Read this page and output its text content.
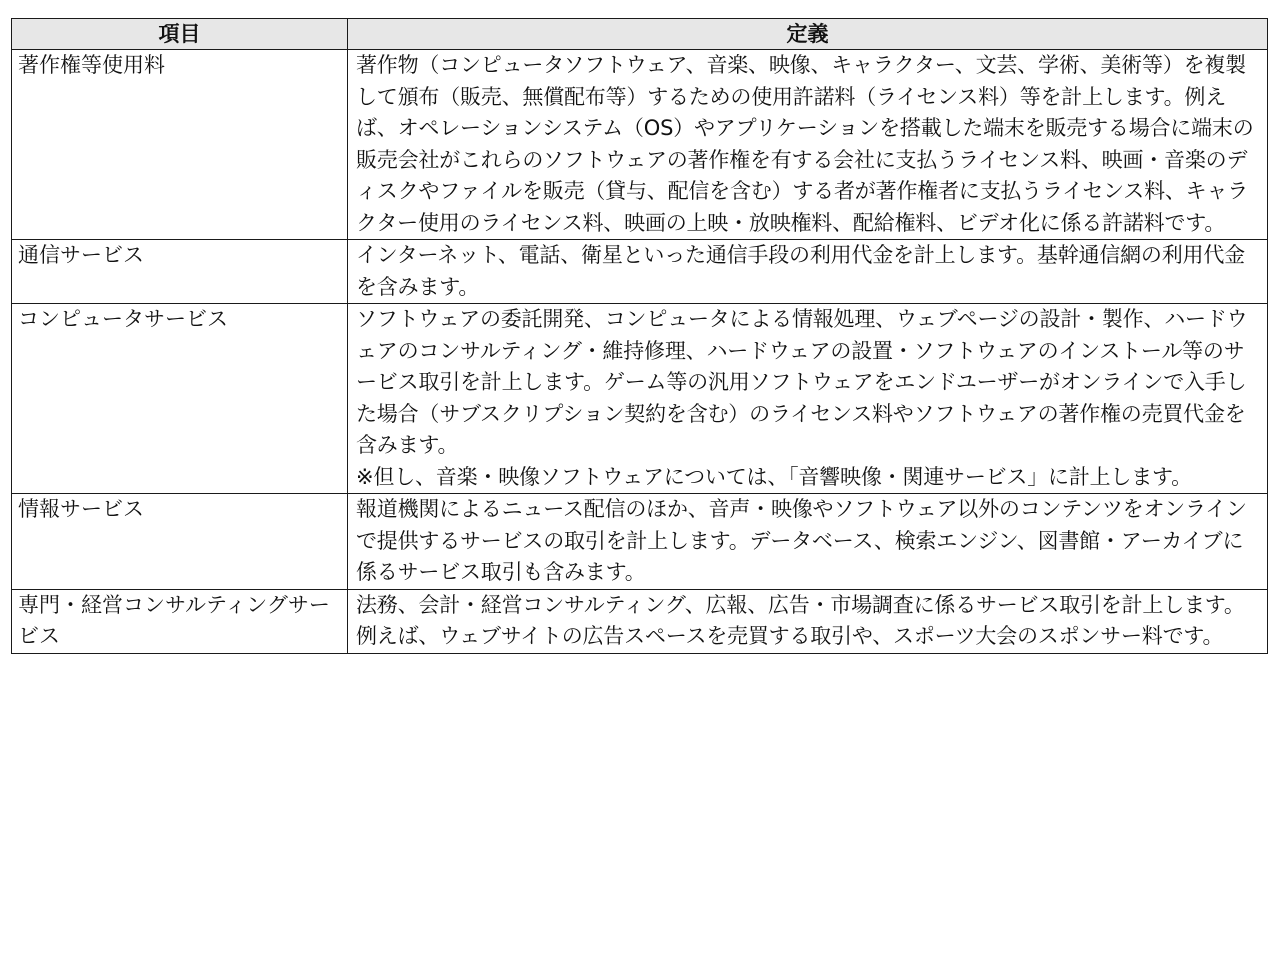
項目	定義
著作権等使用料	著作物（コンピュータソフトウェア、音楽、映像、キャラクター、文芸、学術、美術等）を複製して頒布（販売、無償配布等）するための使用許諾料（ライセンス料）等を計上します。例えば、オペレーションシステム（OS）やアプリケーションを搭載した端末を販売する場合に端末の販売会社がこれらのソフトウェアの著作権を有する会社に支払うライセンス料、映画・音楽のディスクやファイルを販売（貸与、配信を含む）する者が著作権者に支払うライセンス料、キャラクター使用のライセンス料、映画の上映・放映権料、配給権料、ビデオ化に係る許諾料です。

通信サービス	インターネット、電話、衛星といった通信手段の利用代金を計上します。基幹通信網の利用代金を含みます。

コンピュータサービス	ソフトウェアの委託開発、コンピュータによる情報処理、ウェブページの設計・製作、ハードウェアのコンサルティング・維持修理、ハードウェアの設置・ソフトウェアのインストール等のサービス取引を計上します。ゲーム等の汎用ソフトウェアをエンドユーザーがオンラインで入手した場合（サブスクリプション契約を含む）のライセンス料やソフトウェアの著作権の売買代金を含みます。
※但し、音楽・映像ソフトウェアについては、「音響映像・関連サービス」に計上します。

情報サービス	報道機関によるニュース配信のほか、音声・映像やソフトウェア以外のコンテンツをオンラインで提供するサービスの取引を計上します。データベース、検索エンジン、図書館・アーカイブに係るサービス取引も含みます。

専門・経営コンサルティングサービス	法務、会計・経営コンサルティング、広報、広告・市場調査に係るサービス取引を計上します。例えば、ウェブサイトの広告スペースを売買する取引や、スポーツ大会のスポンサー料です。
